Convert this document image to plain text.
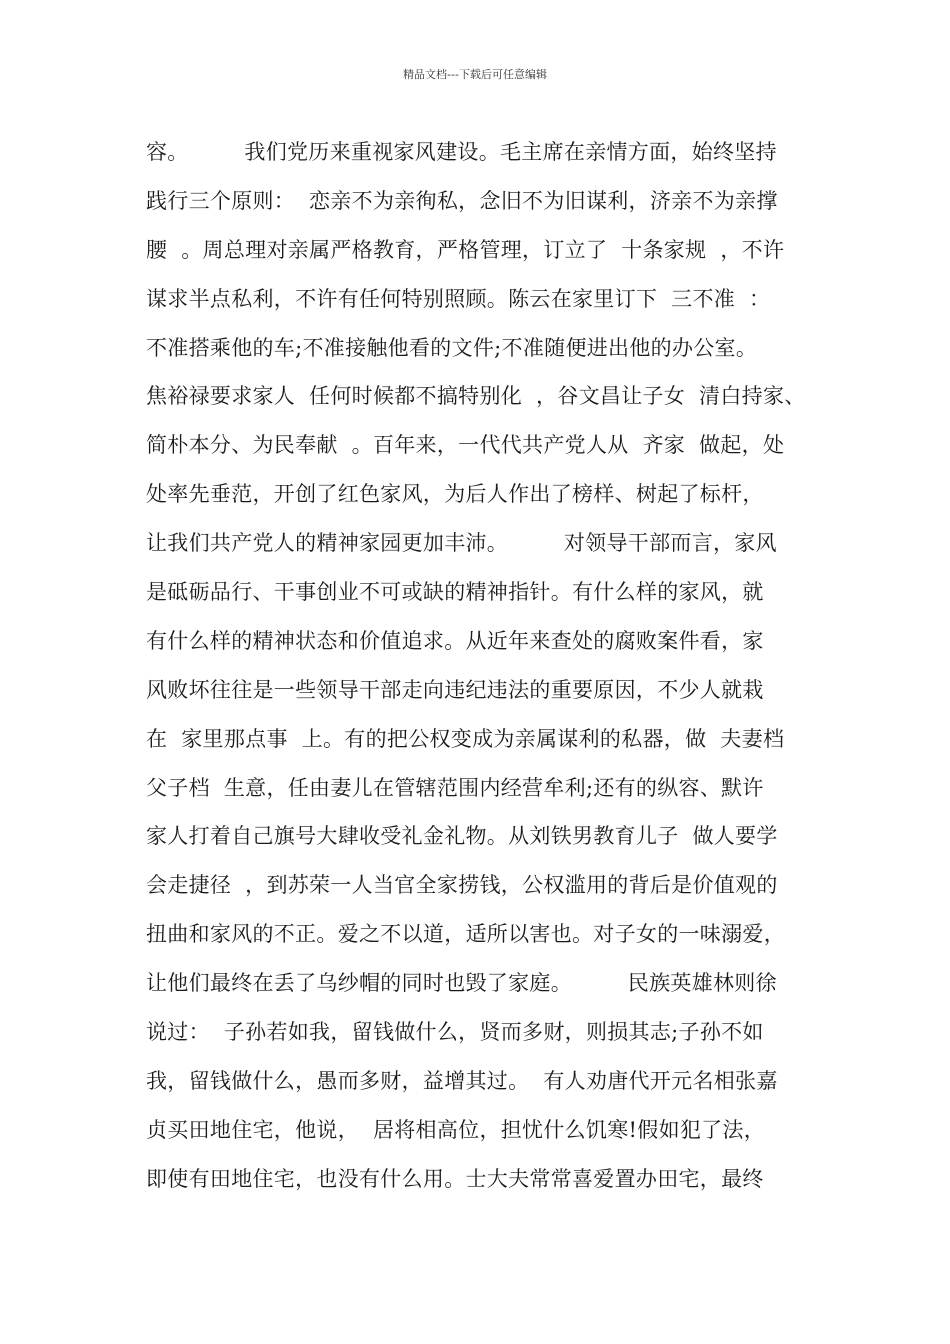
精品文档---下载后可任意编辑
容。        我们党历来重视家风建设。毛主席在亲情方面，始终坚持
践行三个原则：  恋亲不为亲徇私，念旧不为旧谋利，济亲不为亲撑
腰  。周总理对亲属严格教育，严格管理，订立了  十条家规  ，不许
谋求半点私利，不许有任何特别照顾。陈云在家里订下  三不准  ：
不准搭乘他的车;不准接触他看的文件;不准随便进出他的办公室。
焦裕禄要求家人  任何时候都不搞特别化  ，谷文昌让子女  清白持家、
简朴本分、为民奉献  。百年来，一代代共产党人从  齐家  做起，处
处率先垂范，开创了红色家风，为后人作出了榜样、树起了标杆，
让我们共产党人的精神家园更加丰沛。        对领导干部而言，家风
是砥砺品行、干事创业不可或缺的精神指针。有什么样的家风，就
有什么样的精神状态和价值追求。从近年来查处的腐败案件看，家
风败坏往往是一些领导干部走向违纪违法的重要原因，不少人就栽
在  家里那点事  上。有的把公权变成为亲属谋利的私器，做  夫妻档
父子档  生意，任由妻儿在管辖范围内经营牟利;还有的纵容、默许
家人打着自己旗号大肆收受礼金礼物。从刘铁男教育儿子  做人要学
会走捷径  ，到苏荣一人当官全家捞钱，公权滥用的背后是价值观的
扭曲和家风的不正。爱之不以道，适所以害也。对子女的一味溺爱，
让他们最终在丢了乌纱帽的同时也毁了家庭。        民族英雄林则徐
说过：  子孙若如我，留钱做什么，贤而多财，则损其志;子孙不如
我，留钱做什么，愚而多财，益增其过。  有人劝唐代开元名相张嘉
贞买田地住宅，他说，  居将相高位，担忧什么饥寒!假如犯了法，
即使有田地住宅，也没有什么用。士大夫常常喜爱置办田宅，最终
